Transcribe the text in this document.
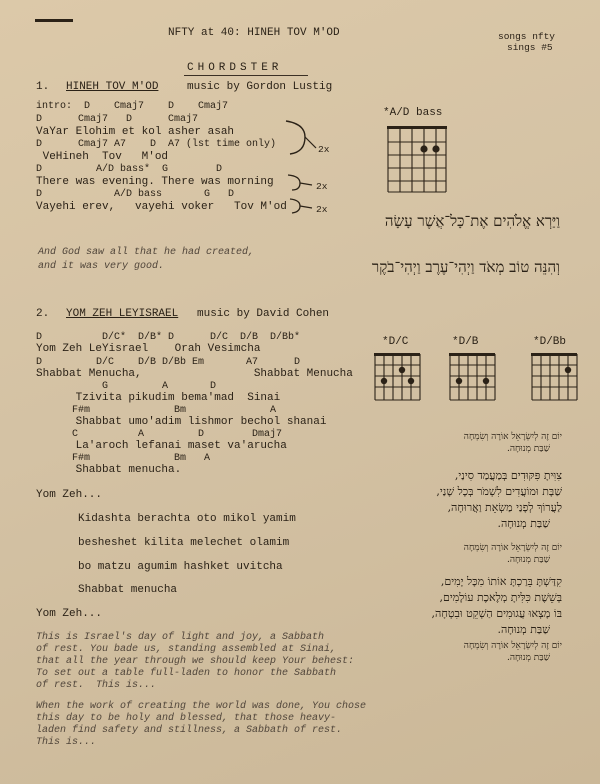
NFTY at 40: HINEH TOV M'OD	songs nfty
sings #5
CHORDSTER
1. HINEH TOV M'OD	music by Gordon Lustig
intro:  D    Cmaj7    D    Cmaj7
D      Cmaj7   D      Cmaj7
VaYar Elohim et kol asher asah
D      Cmaj7 A7    D  A7 (lst time only)
VeHineh  Tov   M'od
D         A/D bass*  G        D
There was evening. There was morning
D            A/D bass       G   D
Vayehi erev,   vayehi voker   Tov M'od
2x
2x
2x
*A/D bass
וַיַּרְא אֱלֹהִים אֶת־כָּל־אֲשֶׁר עָשָׂה
וְהִנֵּה טוֹב מְאֹד וַיְהִי־עֶרֶב וַיְהִי־בֹקֶר
And God saw all that he had created,
and it was very good.
2. YOM ZEH LEYISRAEL music by David Cohen
D          D/C*  D/B* D      D/C  D/B  D/Bb*
Yom Zeh LeYisrael    Orah Vesimcha
D         D/C    D/B D/Bb Em       A7      D
Shabbat Menucha,                 Shabbat Menucha
G         A       D
Tzivita pikudim bema'mad  Sinai
F#m              Bm              A
Shabbat umo'adim lishmor bechol shanai
C          A         D        Dmaj7
La'aroch lefanai maset va'arucha
F#m              Bm   A
Shabbat menucha.
Yom Zeh...
Kidashta berachta oto mikol yamim
besheshet kilita melechet olamim
bo matzu agumim hashket uvitcha
Shabbat menucha
Yom Zeh...
*D/C	*D/B	*D/Bb
יוֹם זֶה לְיִשְׂרָאֵל אוֹרָה וְשִׂמְחָה
שַׁבַּת מְנוּחָה.
צִוִּיתָ פִּקּוּדִים בְּמַעֲמַד סִינַי,
שַׁבָּת וּמוֹעֲדִים לִשְׁמֹר בְּכָל שָׁנַי,
לַעֲרוֹךְ לְפָנַי מַשְׂאֵת וַאֲרוּחָה,
שַׁבַּת מְנוּחָה.
יוֹם זֶה לְיִשְׂרָאֵל אוֹרָה וְשִׂמְחָה
שַׁבַּת מְנוּחָה.
קִדַּשְׁתָּ בֵּרַכְתָּ אוֹתוֹ מִכָּל יָמִים,
בְּשֵׁשֶׁת כִּלִּיתָ מְלֶאכֶת עוֹלָמִים,
בּוֹ מָצְאוּ עֲגוּמִים הַשְׁקֵט וּבִטְחָה,
שַׁבַּת מְנוּחָה.
יוֹם זֶה לְיִשְׂרָאֵל אוֹרָה וְשִׂמְחָה
שַׁבַּת מְנוּחָה.
This is Israel's day of light and joy, a Sabbath
of rest. You bade us, standing assembled at Sinai,
that all the year through we should keep Your behest:
To set out a table full-laden to honor the Sabbath
of rest.  This is...
When the work of creating the world was done, You chose
this day to be holy and blessed, that those heavy-
laden find safety and stillness, a Sabbath of rest.
This is...
